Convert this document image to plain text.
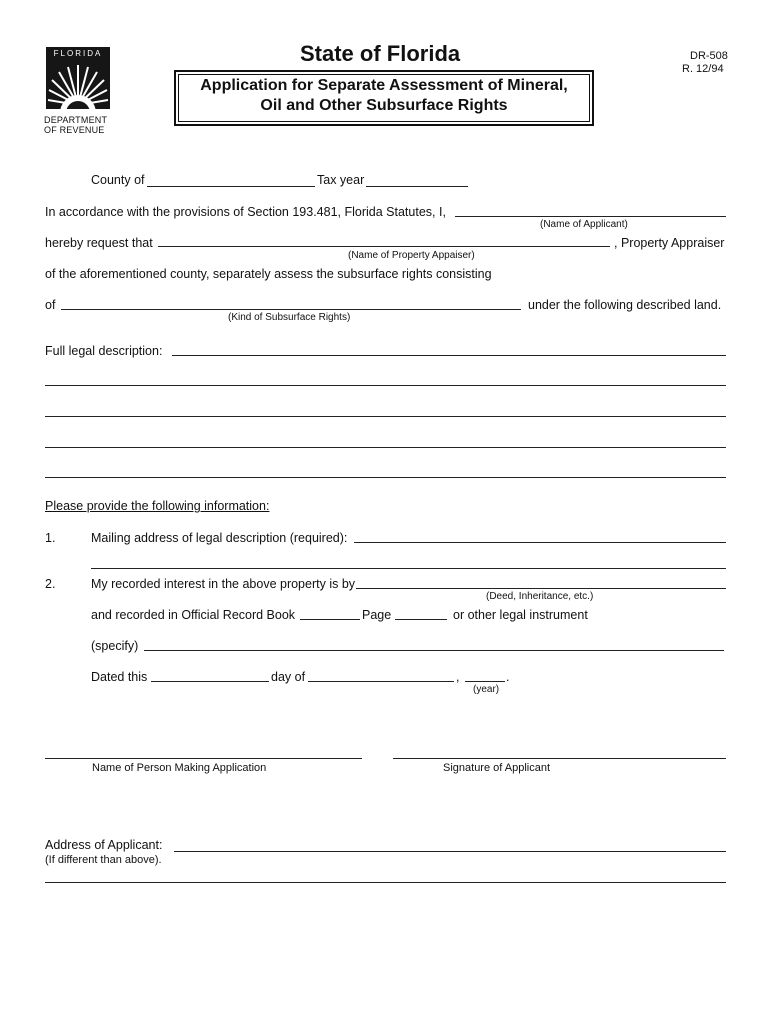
FLORIDA
DEPARTMENT
OF REVENUE
State of Florida	DR-508
R. 12/94
Application for Separate Assessment of Mineral,
Oil and Other Subsurface Rights
County of	Tax year
In accordance with the provisions of Section 193.481, Florida Statutes, I,
(Name of Applicant)
hereby request that	, Property Appraiser
(Name of Property Appaiser)
of the aforementioned county, separately assess the subsurface rights consisting
of	under the following described land.
(Kind of Subsurface Rights)
Full legal description:
Please provide the following information:
1.	Mailing address of legal description (required):
2.	My recorded interest in the above property is by
(Deed, Inheritance, etc.)
and recorded in Official Record Book	Page	or other legal instrument
(specify)
Dated this	day of	,	.
(year)
Name of Person Making Application	Signature of Applicant
Address of Applicant:
(If different than above).
